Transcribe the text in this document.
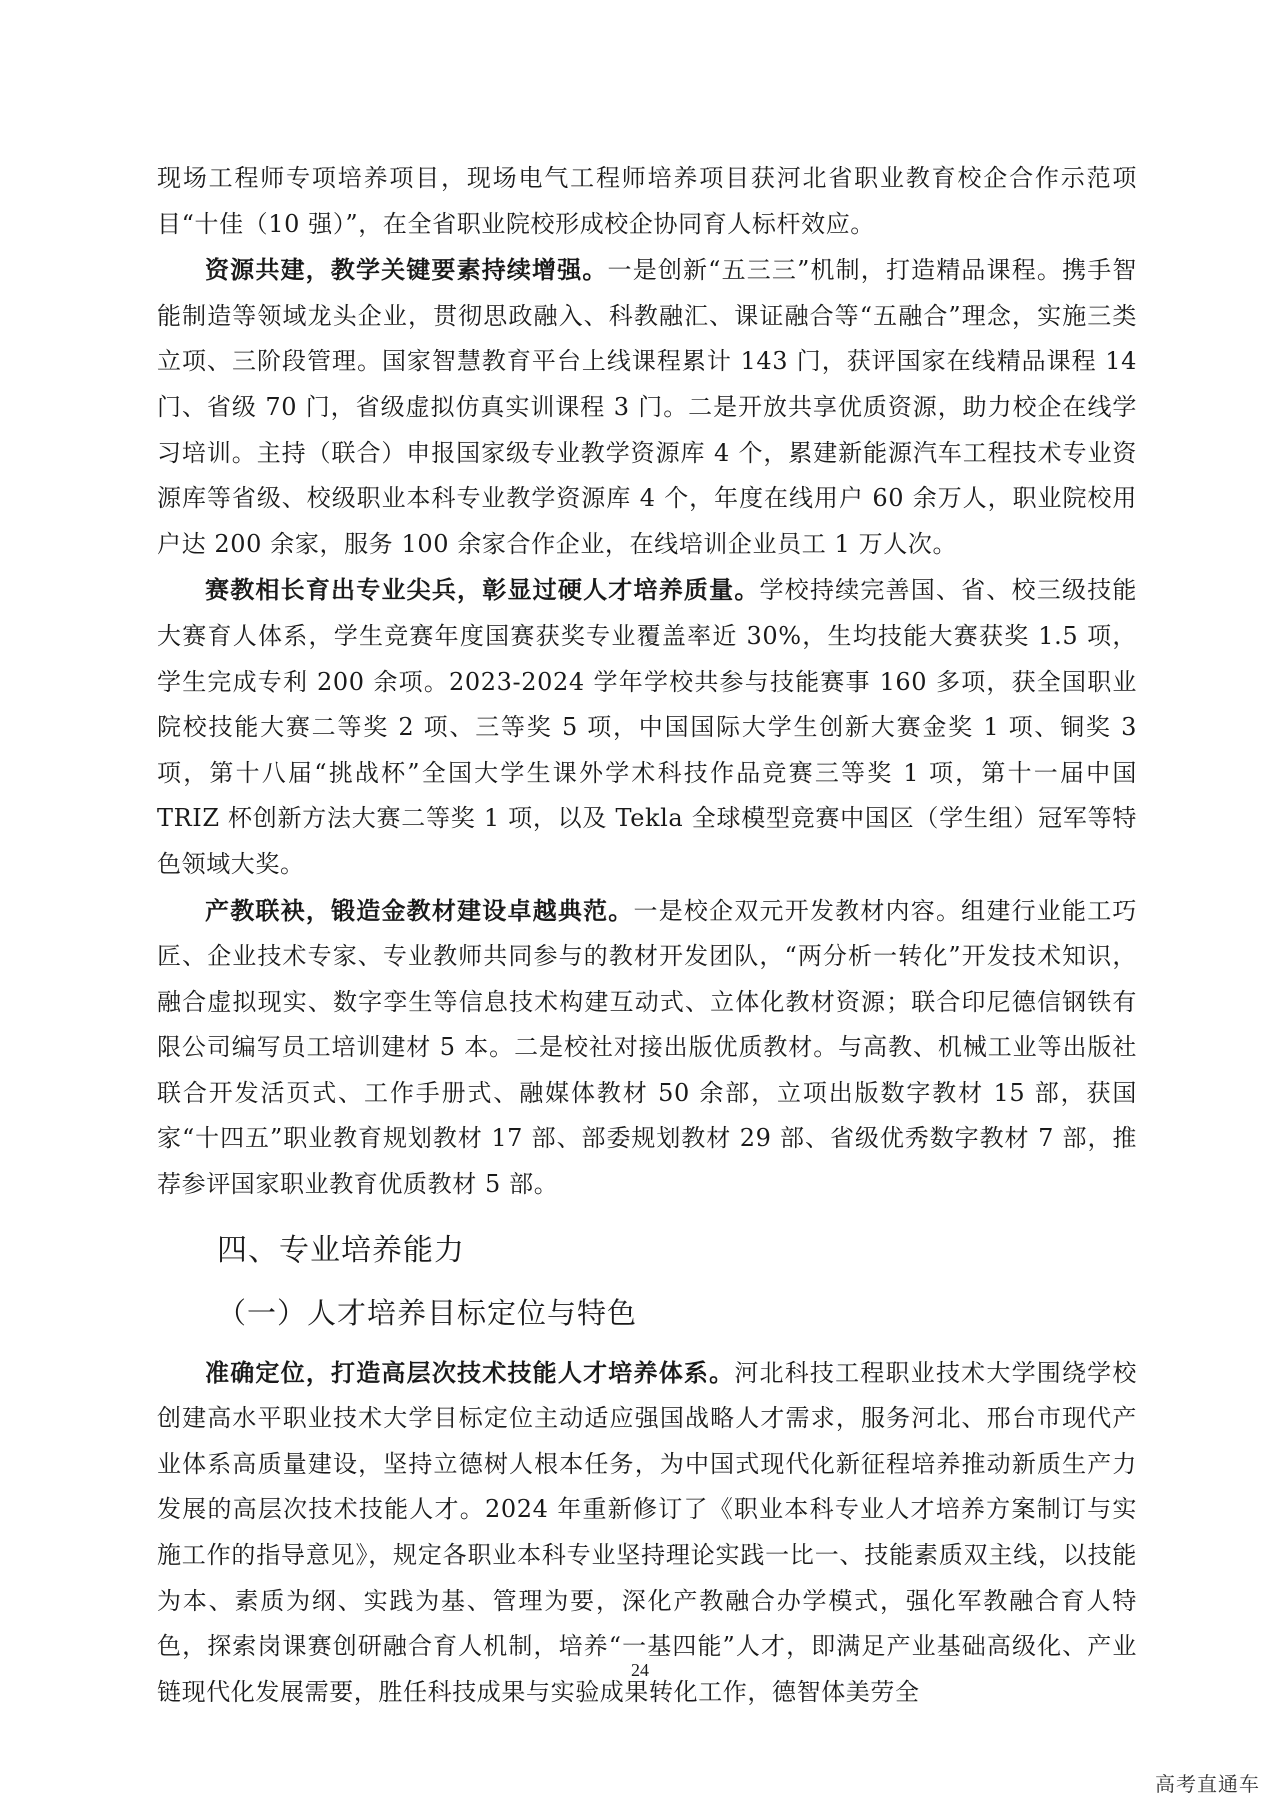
现场工程师专项培养项目，现场电气工程师培养项目获河北省职业教育校企合作示范项目“十佳（10 强）”，在全省职业院校形成校企协同育人标杆效应。

资源共建，教学关键要素持续增强。一是创新“五三三”机制，打造精品课程。携手智能制造等领域龙头企业，贯彻思政融入、科教融汇、课证融合等“五融合”理念，实施三类立项、三阶段管理。国家智慧教育平台上线课程累计 143 门，获评国家在线精品课程 14 门、省级 70 门，省级虚拟仿真实训课程 3 门。二是开放共享优质资源，助力校企在线学习培训。主持（联合）申报国家级专业教学资源库 4 个，累建新能源汽车工程技术专业资源库等省级、校级职业本科专业教学资源库 4 个，年度在线用户 60 余万人，职业院校用户达 200 余家，服务 100 余家合作企业，在线培训企业员工 1 万人次。

赛教相长育出专业尖兵，彰显过硬人才培养质量。学校持续完善国、省、校三级技能大赛育人体系，学生竞赛年度国赛获奖专业覆盖率近 30%，生均技能大赛获奖 1.5 项，学生完成专利 200 余项。2023-2024 学年学校共参与技能赛事 160 多项，获全国职业院校技能大赛二等奖 2 项、三等奖 5 项，中国国际大学生创新大赛金奖 1 项、铜奖 3 项，第十八届“挑战杯”全国大学生课外学术科技作品竞赛三等奖 1 项，第十一届中国 TRIZ 杯创新方法大赛二等奖 1 项，以及 Tekla 全球模型竞赛中国区（学生组）冠军等特色领域大奖。

产教联袂，锻造金教材建设卓越典范。一是校企双元开发教材内容。组建行业能工巧匠、企业技术专家、专业教师共同参与的教材开发团队，“两分析一转化”开发技术知识，融合虚拟现实、数字孪生等信息技术构建互动式、立体化教材资源；联合印尼德信钢铁有限公司编写员工培训建材 5 本。二是校社对接出版优质教材。与高教、机械工业等出版社联合开发活页式、工作手册式、融媒体教材 50 余部，立项出版数字教材 15 部，获国家“十四五”职业教育规划教材 17 部、部委规划教材 29 部、省级优秀数字教材 7 部，推荐参评国家职业教育优质教材 5 部。

四、专业培养能力
（一）人才培养目标定位与特色

准确定位，打造高层次技术技能人才培养体系。河北科技工程职业技术大学围绕学校创建高水平职业技术大学目标定位主动适应强国战略人才需求，服务河北、邢台市现代产业体系高质量建设，坚持立德树人根本任务，为中国式现代化新征程培养推动新质生产力发展的高层次技术技能人才。2024 年重新修订了《职业本科专业人才培养方案制订与实施工作的指导意见》，规定各职业本科专业坚持理论实践一比一、技能素质双主线，以技能为本、素质为纲、实践为基、管理为要，深化产教融合办学模式，强化军教融合育人特色，探索岗课赛创研融合育人机制，培养“一基四能”人才，即满足产业基础高级化、产业链现代化发展需要，胜任科技成果与实验成果转化工作，德智体美劳全

24
高考直通车
